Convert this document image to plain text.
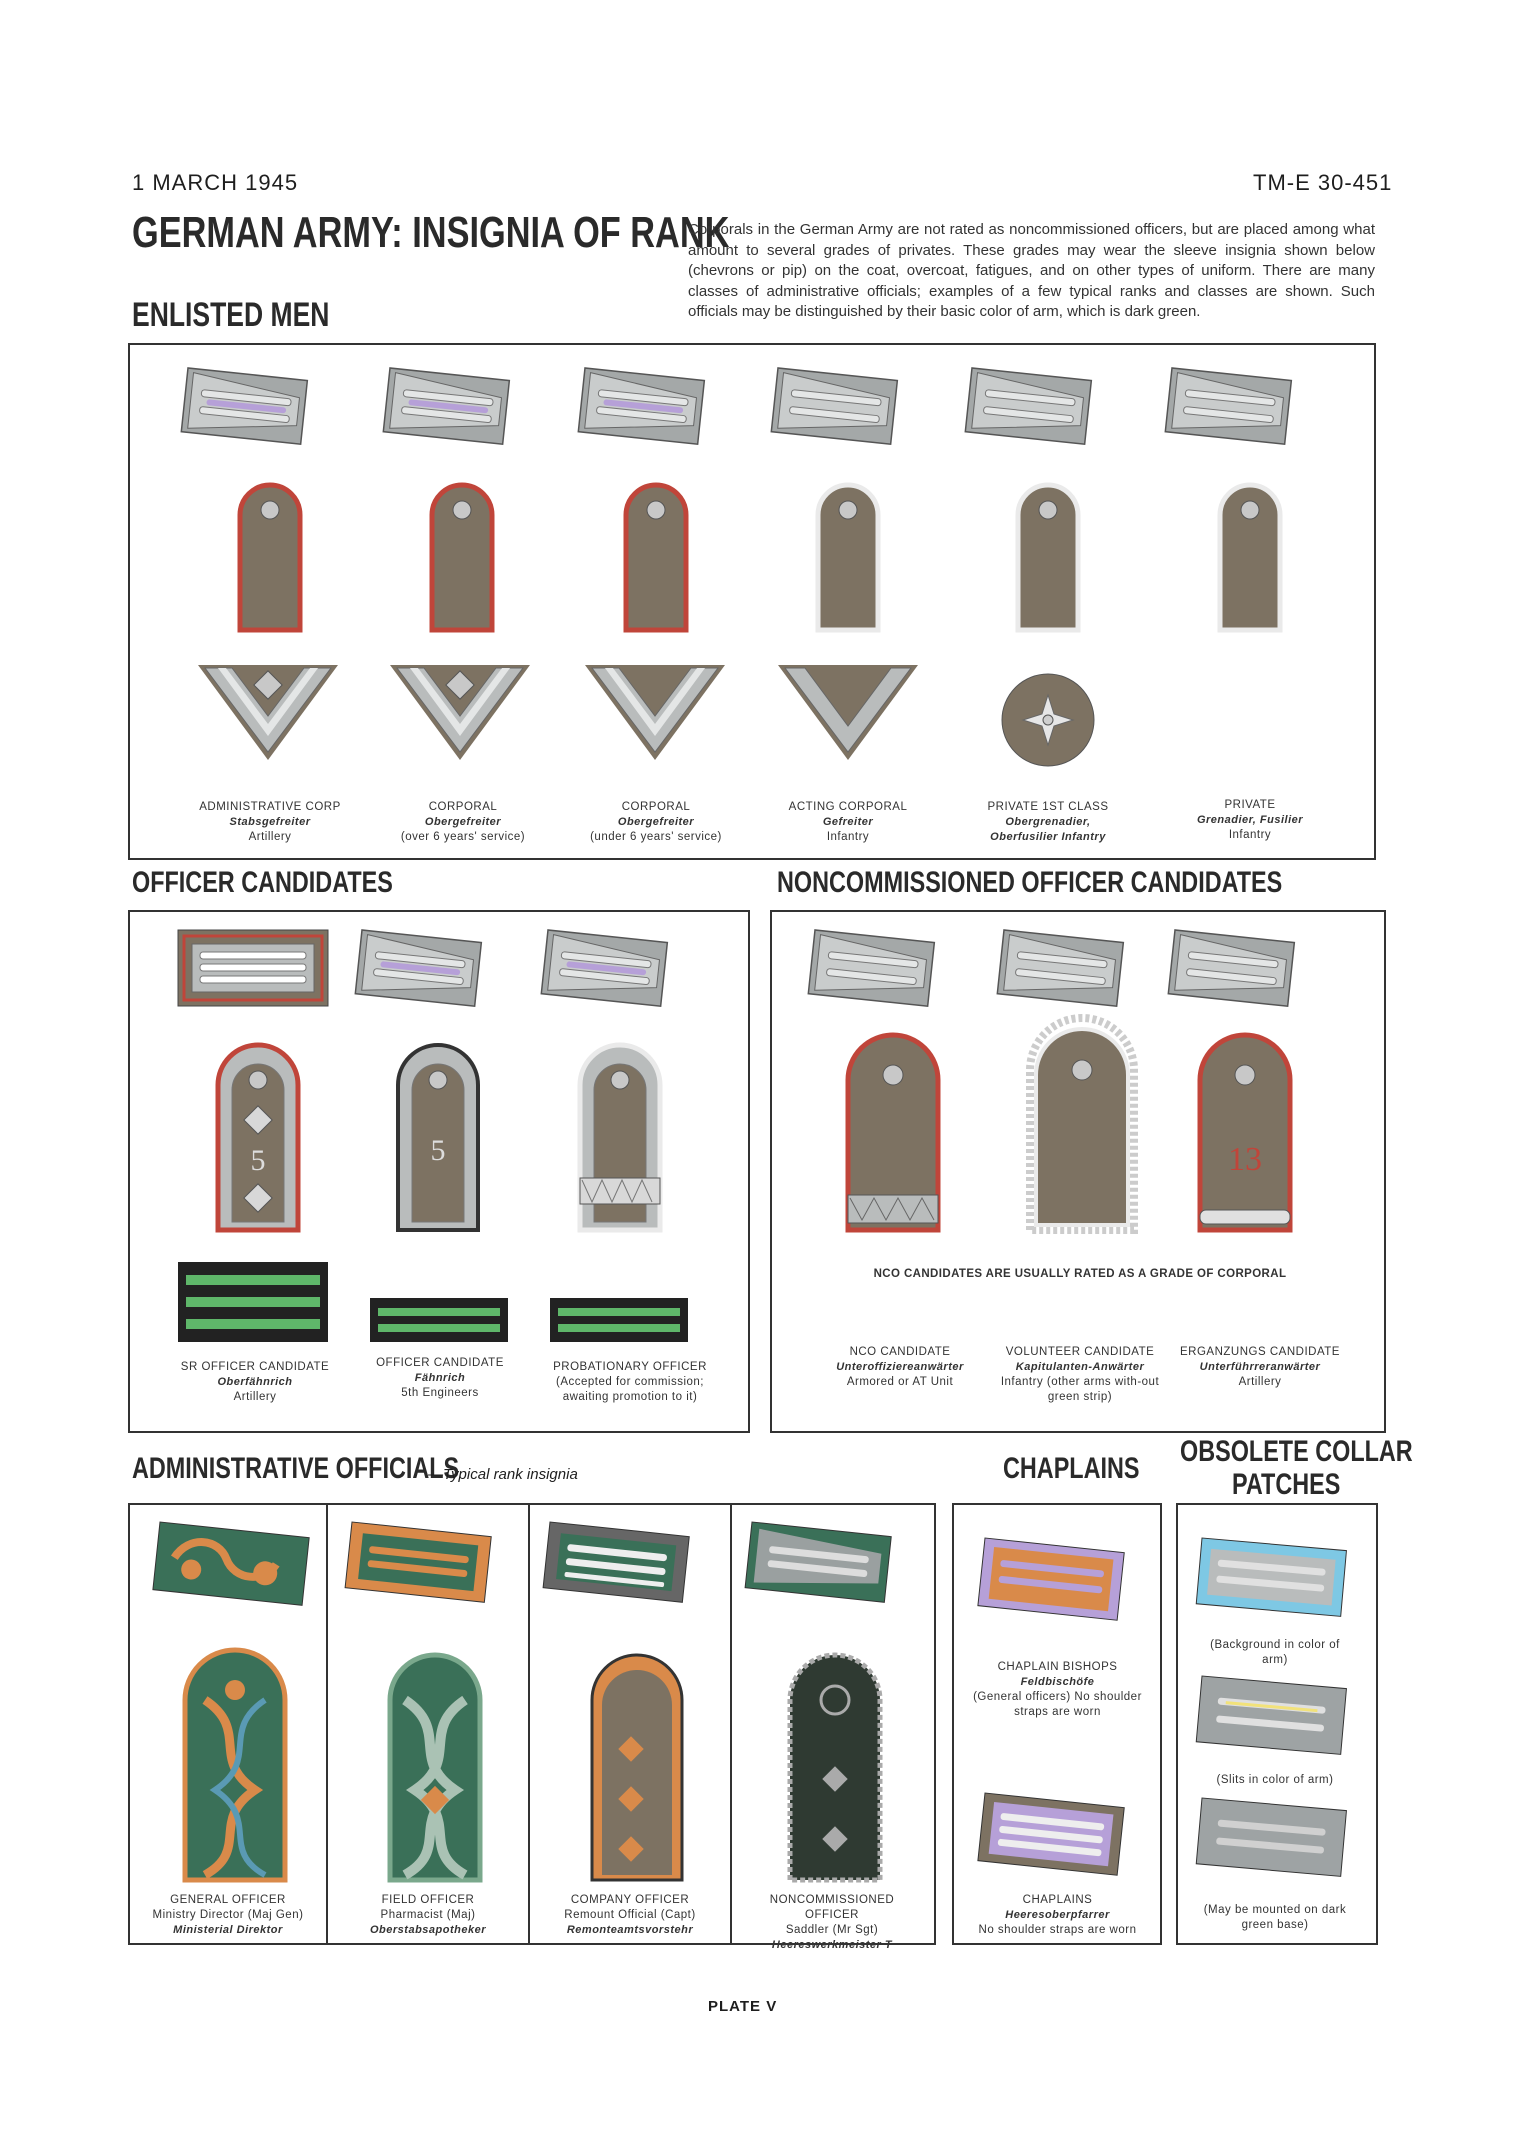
1 MARCH 1945	TM-E 30-451
GERMAN ARMY: INSIGNIA OF RANK
ENLISTED MEN
Corporals in the German Army are not rated as noncommissioned officers, but are placed among what amount to several grades of privates. These grades may wear the sleeve insignia shown below (chevrons or pip) on the coat, overcoat, fatigues, and on other types of uniform. There are many classes of administrative officials; examples of a few typical ranks and classes are shown. Such officials may be distinguished by their basic color of arm, which is dark green.
5	5	13
ADMINISTRATIVE CORP
Stabsgefreiter
Artillery
CORPORAL
Obergefreiter
(over 6 years' service)
CORPORAL
Obergefreiter
(under 6 years' service)
ACTING CORPORAL
Gefreiter
Infantry
PRIVATE 1ST CLASS
Obergrenadier,
Oberfusilier Infantry
PRIVATE
Grenadier, Fusilier
Infantry
OFFICER CANDIDATES	NONCOMMISSIONED OFFICER CANDIDATES
SR OFFICER CANDIDATE
Oberfähnrich
Artillery
OFFICER CANDIDATE
Fähnrich
5th Engineers
PROBATIONARY OFFICER
(Accepted for commission; awaiting promotion to it)
NCO CANDIDATES ARE USUALLY RATED AS A GRADE OF CORPORAL
NCO CANDIDATE
Unteroffiziereanwärter
Armored or AT Unit
VOLUNTEER CANDIDATE
Kapitulanten-Anwärter
Infantry (other arms with-out green strip)
ERGANZUNGS CANDIDATE
Unterführreranwärter
Artillery
ADMINISTRATIVE OFFICIALS
—Typical rank insignia	CHAPLAINS
OBSOLETE COLLAR
PATCHES
GENERAL OFFICER
Ministry Director (Maj Gen)
Ministerial Direktor
FIELD OFFICER
Pharmacist (Maj)
Oberstabsapotheker
COMPANY OFFICER
Remount Official (Capt)
Remonteamtsvorstehr
NONCOMMISSIONED OFFICER
Saddler (Mr Sgt)
Heereswerkmeister T
CHAPLAIN BISHOPS
Feldbischöfe
(General officers) No shoulder straps are worn
CHAPLAINS
Heeresoberpfarrer
No shoulder straps are worn
(Background in color of arm)
(Slits in color of arm)
(May be mounted on dark green base)
PLATE V
